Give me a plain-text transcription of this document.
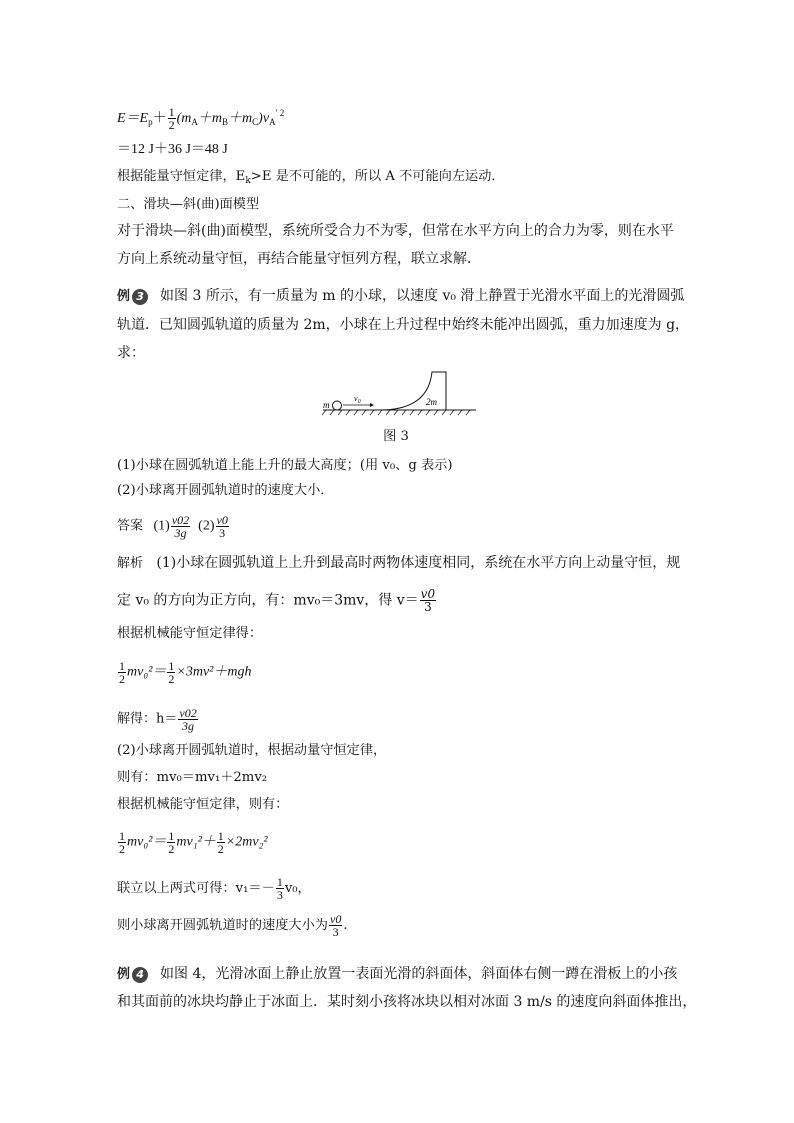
$E=E_p+ \frac{1}{2} (m_A+m_B+m_C)v_A^{' 2}$
＝12 J＋36 J＝48 J
根据能量守恒定律，$E_k>E$ 是不可能的，所以 A 不可能向左运动．
二、滑块—斜(曲)面模型
对于滑块—斜(曲)面模型，系统所受合力不为零，但常在水平方向上的合力为零，则在水平
方向上系统动量守恒，再结合能量守恒列方程，联立求解．
例 3 如图 3 所示，有一质量为 m 的小球，以速度 v₀ 滑上静置于光滑水平面上的光滑圆弧
轨道．已知圆弧轨道的质量为 2m，小球在上升过程中始终未能冲出圆弧，重力加速度为 g，
求：
m
$v_0$	2m
图 3
(1)小球在圆弧轨道上能上升的最大高度；(用 v₀、g 表示)
(2)小球离开圆弧轨道时的速度大小．
答案 $(1) \frac{v02}{3g} (2) \frac{v0}{3}$
解析 (1)小球在圆弧轨道上上升到最高时两物体速度相同，系统在水平方向上动量守恒，规
定 v₀ 的方向为正方向，有：mv₀＝3mv，得 $v= \frac{v0}{3}$
根据机械能守恒定律得：
$\frac{1}{2} mv_0^2= \frac{1}{2} \times 3mv^2+mgh$
解得：$h= \frac{v02}{3g}$
(2)小球离开圆弧轨道时，根据动量守恒定律，
则有：mv₀＝mv₁＋2mv₂
根据机械能守恒定律，则有：
$\frac{1}{2} mv_0^2= \frac{1}{2} mv_1^2+ \frac{1}{2} \times 2mv_2^2$
联立以上两式可得：$v_1=- \frac{1}{3} v_0$，
则小球离开圆弧轨道时的速度大小为 $\frac{v0}{3}$ .
例 4 如图 4，光滑冰面上静止放置一表面光滑的斜面体，斜面体右侧一蹲在滑板上的小孩
和其面前的冰块均静止于冰面上．某时刻小孩将冰块以相对冰面 3 m/s 的速度向斜面体推出，
